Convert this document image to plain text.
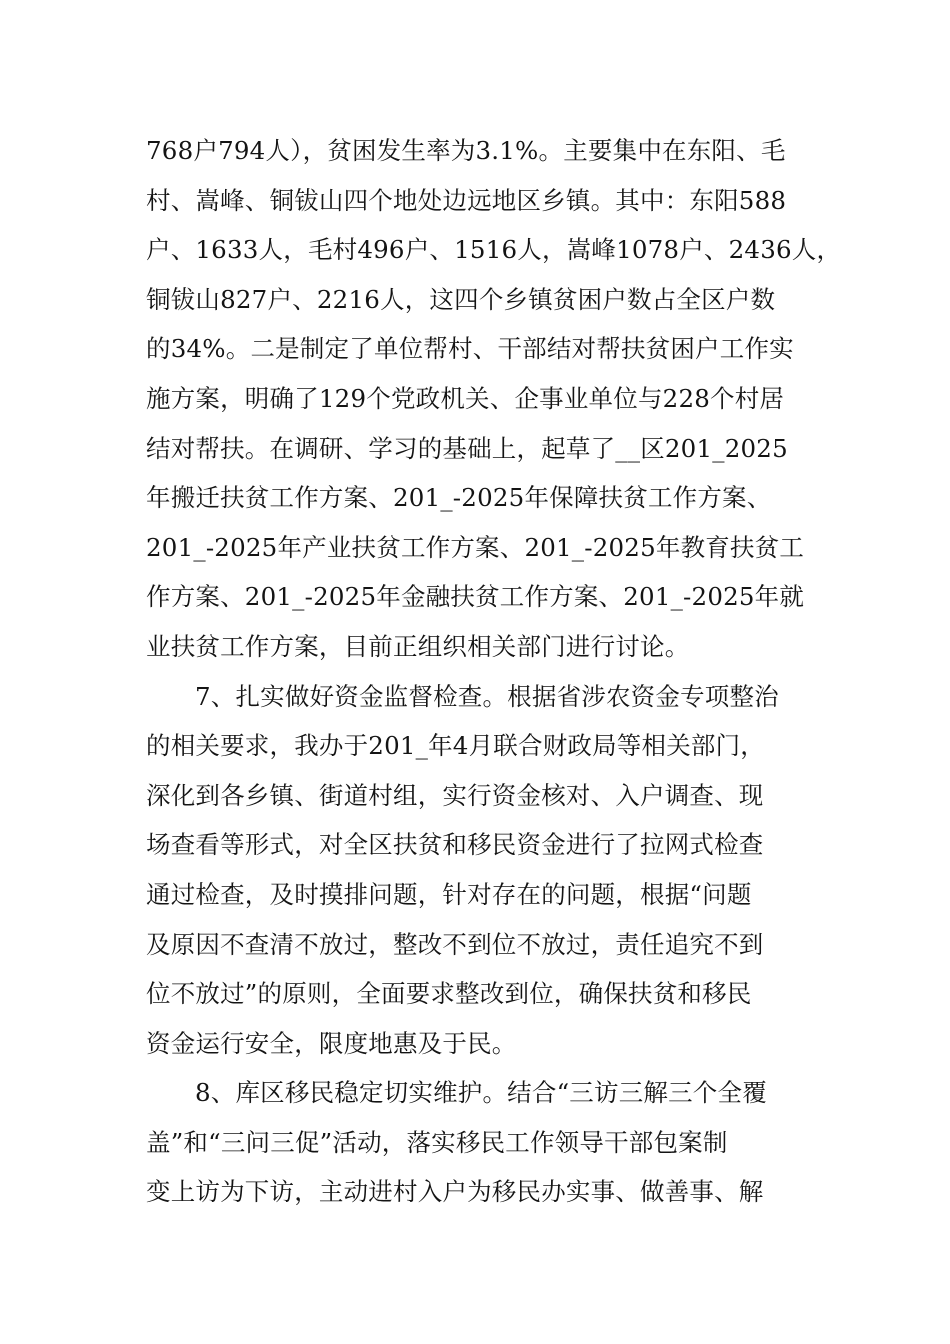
768户794人），贫困发生率为3.1%。主要集中在东阳、毛
村、嵩峰、铜钹山四个地处边远地区乡镇。其中：东阳588
户、1633人，毛村496户、1516人，嵩峰1078户、2436人，
铜钹山827户、2216人，这四个乡镇贫困户数占全区户数
的34%。二是制定了单位帮村、干部结对帮扶贫困户工作实
施方案，明确了129个党政机关、企事业单位与228个村居
结对帮扶。在调研、学习的基础上，起草了__区201_2025
年搬迁扶贫工作方案、201_-2025年保障扶贫工作方案、
201_-2025年产业扶贫工作方案、201_-2025年教育扶贫工
作方案、201_-2025年金融扶贫工作方案、201_-2025年就
业扶贫工作方案，目前正组织相关部门进行讨论。
7、扎实做好资金监督检查。根据省涉农资金专项整治
的相关要求，我办于201_年4月联合财政局等相关部门，
深化到各乡镇、街道村组，实行资金核对、入户调查、现
场查看等形式，对全区扶贫和移民资金进行了拉网式检查
通过检查，及时摸排问题，针对存在的问题，根据“问题
及原因不查清不放过，整改不到位不放过，责任追究不到
位不放过”的原则，全面要求整改到位，确保扶贫和移民
资金运行安全，限度地惠及于民。
8、库区移民稳定切实维护。结合“三访三解三个全覆
盖”和“三问三促”活动，落实移民工作领导干部包案制
变上访为下访，主动进村入户为移民办实事、做善事、解
